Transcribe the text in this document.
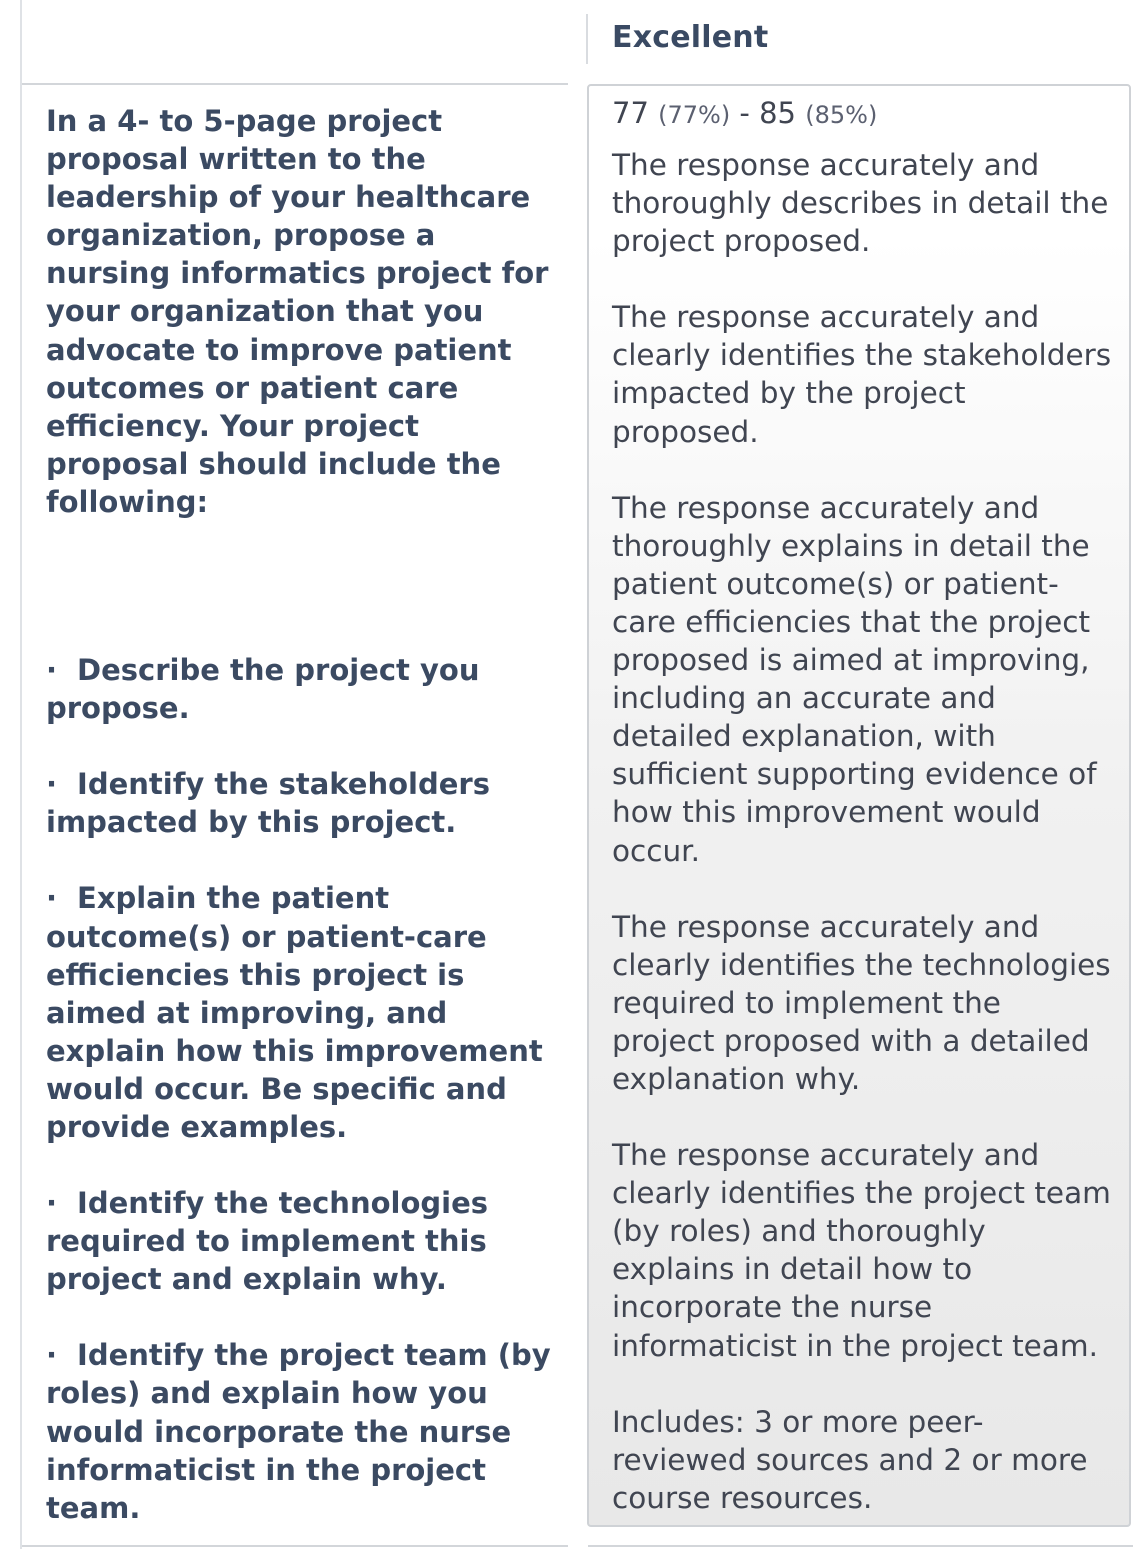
Excellent

In a 4- to 5-page project proposal written to the leadership of your healthcare organization, propose a nursing informatics project for your organization that you advocate to improve patient outcomes or patient care efficiency. Your project proposal should include the following:

· Describe the project you propose.

· Identify the stakeholders impacted by this project.

· Explain the patient outcome(s) or patient-care efficiencies this project is aimed at improving, and explain how this improvement would occur. Be specific and provide examples.

· Identify the technologies required to implement this project and explain why.

· Identify the project team (by roles) and explain how you would incorporate the nurse informaticist in the project team.

77 (77%) - 85 (85%)

The response accurately and thoroughly describes in detail the project proposed.

The response accurately and clearly identifies the stakeholders impacted by the project proposed.

The response accurately and thoroughly explains in detail the patient outcome(s) or patient-care efficiencies that the project proposed is aimed at improving, including an accurate and detailed explanation, with sufficient supporting evidence of how this improvement would occur.

The response accurately and clearly identifies the technologies required to implement the project proposed with a detailed explanation why.

The response accurately and clearly identifies the project team (by roles) and thoroughly explains in detail how to incorporate the nurse informaticist in the project team.

Includes: 3 or more peer-reviewed sources and 2 or more course resources.
